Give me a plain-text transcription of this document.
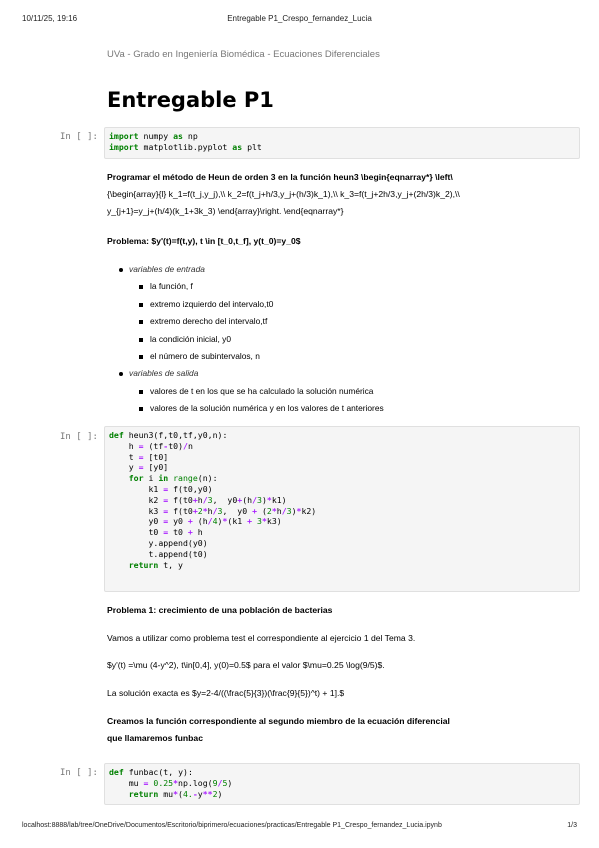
10/11/25, 19:16	Entregable P1_Crespo_fernandez_Lucia
UVa - Grado en Ingeniería Biomédica - Ecuaciones Diferenciales
Entregable P1
In [ ]: import numpy as np
import matplotlib.pyplot as plt
Programar el método de Heun de orden 3 en la función heun3 \begin{eqnarray*} \left\
{\begin{array}{l} k_1=f(t_j,y_j),\\ k_2=f(t_j+h/3,y_j+(h/3)k_1),\\ k_3=f(t_j+2h/3,y_j+(2h/3)k_2),\\
y_{j+1}=y_j+(h/4)(k_1+3k_3) \end{array}\right. \end{eqnarray*}
Problema: $y'(t)=f(t,y), t \in [t_0,t_f], y(t_0)=y_0$
variables de entrada
la función, f
extremo izquierdo del intervalo,t0
extremo derecho del intervalo,tf
la condición inicial, y0
el número de subintervalos, n
variables de salida
valores de t en los que se ha calculado la solución numérica
valores de la solución numérica y en los valores de t anteriores
In [ ]: def heun3(f,t0,tf,y0,n):
h = (tf-t0)/n
t = [t0]
y = [y0]
for i in range(n):
k1 = f(t0,y0)
k2 = f(t0+h/3, y0+(h/3)*k1)
k3 = f(t0+2*h/3, y0 + (2*h/3)*k2)
y0 = y0 + (h/4)*(k1 + 3*k3)
t0 = t0 + h
y.append(y0)
t.append(t0)
return t, y
Problema 1: crecimiento de una población de bacterias
Vamos a utilizar como problema test el correspondiente al ejercicio 1 del Tema 3.
$y'(t) =\mu (4-y^2), t\in[0,4], y(0)=0.5$ para el valor $\mu=0.25 \log(9/5)$.
La solución exacta es $y=2-4/((\frac{5}{3})(\frac{9}{5})^t) + 1].$
Creamos la función correspondiente al segundo miembro de la ecuación diferencial
que llamaremos funbac
In [ ]: def funbac(t, y):
mu = 0.25*np.log(9/5)
return mu*(4.-y**2)
localhost:8888/lab/tree/OneDrive/Documentos/Escritorio/biprimero/ecuaciones/practicas/Entregable P1_Crespo_fernandez_Lucia.ipynb	1/3
